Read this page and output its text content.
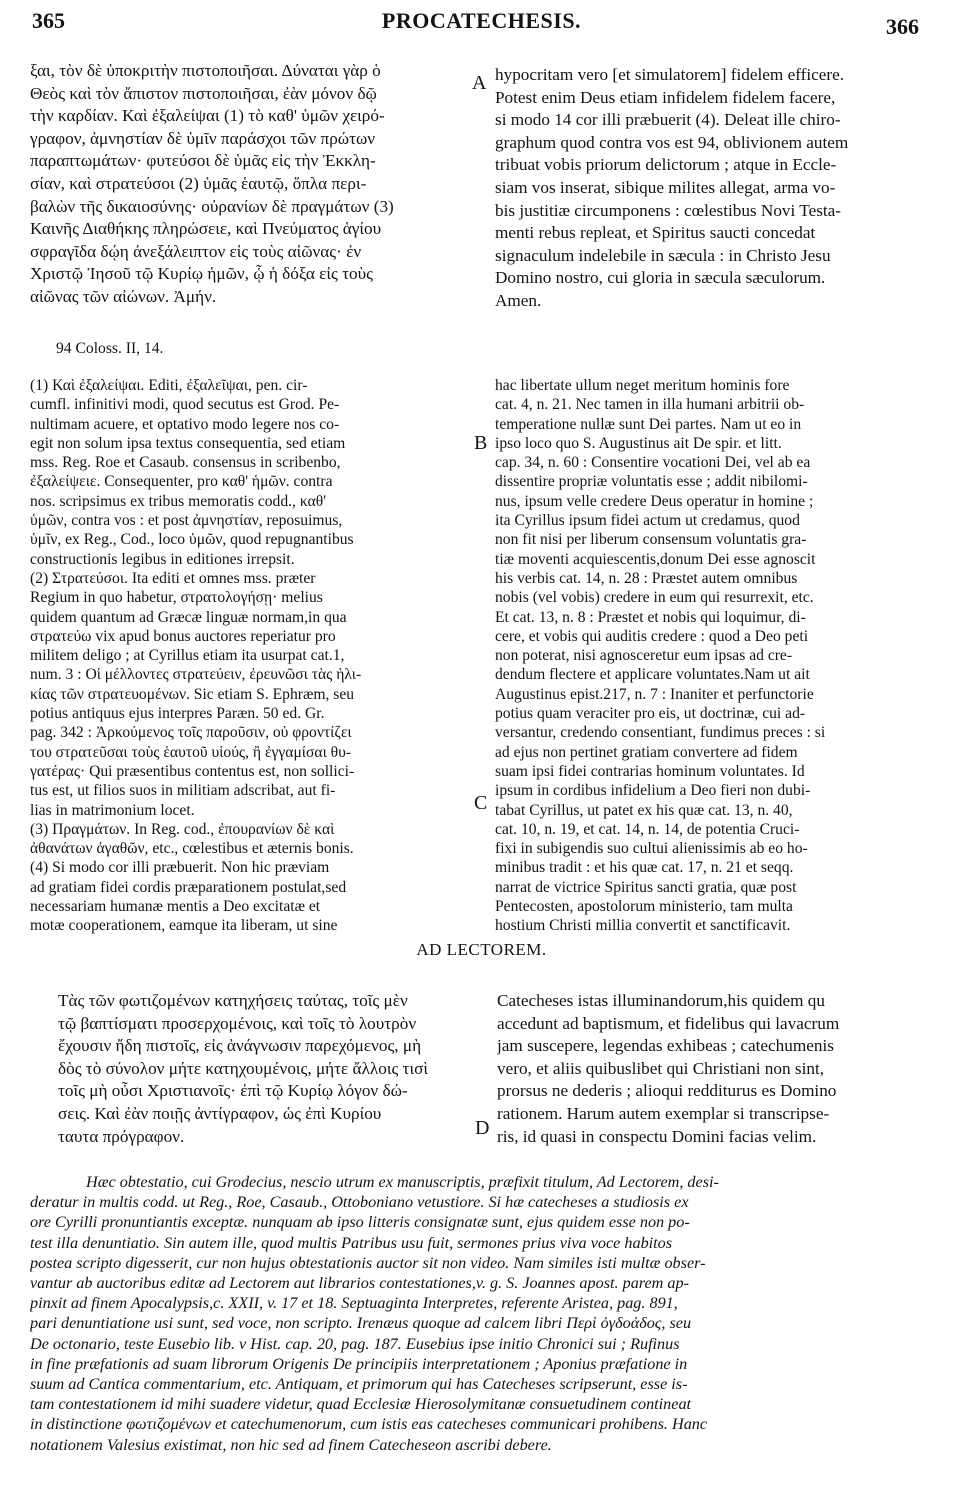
365	PROCATECHESIS.	366
A
B
C
D
ξαι, τὸν δὲ ὑποκριτὴν πιστοποιῆσαι. Δύναται γὰρ ὁ
Θεὸς καὶ τὸν ἄπιστον πιστοποιῆσαι, ἐὰν μόνον δῷ
τὴν καρδίαν. Καὶ ἐξαλείψαι (1) τὸ καθ' ὑμῶν χειρό-
γραφον, ἀμνηστίαν δὲ ὑμῖν παράσχοι τῶν πρώτων
παραπτωμάτων· φυτεύσοι δὲ ὑμᾶς εἰς τὴν Ἐκκλη-
σίαν, καὶ στρατεύσοι (2) ὑμᾶς ἑαυτῷ, ὅπλα περι-
βαλὼν τῆς δικαιοσύνης· οὐρανίων δὲ πραγμάτων (3)
Καινῆς Διαθήκης πληρώσειε, καὶ Πνεύματος ἁγίου
σφραγῖδα δῴη ἀνεξάλειπτον εἰς τοὺς αἰῶνας· ἐν
Χριστῷ Ἰησοῦ τῷ Κυρίῳ ἡμῶν, ᾧ ἡ δόξα εἰς τοὺς
αἰῶνας τῶν αἰώνων. Ἀμήν.
hypocritam vero [et simulatorem] fidelem efficere.
Potest enim Deus etiam infidelem fidelem facere,
si modo 14 cor illi præbuerit (4). Deleat ille chiro-
graphum quod contra vos est 94, oblivionem autem
tribuat vobis priorum delictorum ; atque in Eccle-
siam vos inserat, sibique milites allegat, arma vo-
bis justitiæ circumponens : cœlestibus Novi Testa-
menti rebus repleat, et Spiritus saucti concedat
signaculum indelebile in sæcula : in Christo Jesu
Domino nostro, cui gloria in sæcula sæculorum.
Amen.
94 Coloss. II, 14.
(1) Καὶ ἐξαλείψαι. Editi, ἐξαλεῖψαι, pen. cir-
cumfl. infinitivi modi, quod secutus est Grod. Pe-
nultimam acuere, et optativo modo legere nos co-
egit non solum ipsa textus consequentia, sed etiam
mss. Reg. Roe et Casaub. consensus in scribenbo,
ἐξαλείψειε. Consequenter, pro καθ' ἡμῶν. contra
nos. scripsimus ex tribus memoratis codd., καθ'
ὑμῶν, contra vos : et post ἀμνηστίαν, reposuimus,
ὑμῖν, ex Reg., Cod., loco ὑμῶν, quod repugnantibus
constructionis legibus in editiones irrepsit.
(2) Στρατεύσοι. Ita editi et omnes mss. præter
Regium in quo habetur, στρατολογήσῃ· melius
quidem quantum ad Græcæ linguæ normam,in qua
στρατεύω vix apud bonus auctores reperiatur pro
militem deligo ; at Cyrillus etiam ita usurpat cat.1,
num. 3 : Οἱ μέλλοντες στρατεύειν, ἐρευνῶσι τὰς ἡλι-
κίας τῶν στρατευομένων. Sic etiam S. Ephræm, seu
potius antiquus ejus interpres Paræn. 50 ed. Gr.
pag. 342 : Ἀρκούμενος τοῖς παροῦσιν, οὐ φροντίζει
του στρατεῦσαι τοὺς ἑαυτοῦ υἱούς, ἢ ἐγγαμίσαι θυ-
γατέρας· Qui præsentibus contentus est, non sollici-
tus est, ut filios suos in militiam adscribat, aut fi-
lias in matrimonium locet.
(3) Πραγμάτων. In Reg. cod., ἐπουρανίων δὲ καὶ
ἀθανάτων ἀγαθῶν, etc., cœlestibus et æternis bonis.
(4) Si modo cor illi præbuerit. Non hic præviam
ad gratiam fidei cordis præparationem postulat,sed
necessariam humanæ mentis a Deo excitatæ et
motæ cooperationem, eamque ita liberam, ut sine
hac libertate ullum neget meritum hominis fore
cat. 4, n. 21. Nec tamen in illa humani arbitrii ob-
temperatione nullæ sunt Dei partes. Nam ut eo in
ipso loco quo S. Augustinus ait De spir. et litt.
cap. 34, n. 60 : Consentire vocationi Dei, vel ab ea
dissentire propriæ voluntatis esse ; addit nibilomi-
nus, ipsum velle credere Deus operatur in homine ;
ita Cyrillus ipsum fidei actum ut credamus, quod
non fit nisi per liberum consensum voluntatis gra-
tiæ moventi acquiescentis,donum Dei esse agnoscit
his verbis cat. 14, n. 28 : Præstet autem omnibus
nobis (vel vobis) credere in eum qui resurrexit, etc.
Et cat. 13, n. 8 : Præstet et nobis qui loquimur, di-
cere, et vobis qui auditis credere : quod a Deo peti
non poterat, nisi agnosceretur eum ipsas ad cre-
dendum flectere et applicare voluntates.Nam ut ait
Augustinus epist.217, n. 7 : Inaniter et perfunctorie
potius quam veraciter pro eis, ut doctrinæ, cui ad-
versantur, credendo consentiant, fundimus preces : si
ad ejus non pertinet gratiam convertere ad fidem
suam ipsi fidei contrarias hominum voluntates. Id
ipsum in cordibus infidelium a Deo fieri non dubi-
tabat Cyrillus, ut patet ex his quæ cat. 13, n. 40,
cat. 10, n. 19, et cat. 14, n. 14, de potentia Cruci-
fixi in subigendis suo cultui alienissimis ab eo ho-
minibus tradit : et his quæ cat. 17, n. 21 et seqq.
narrat de victrice Spiritus sancti gratia, quæ post
Pentecosten, apostolorum ministerio, tam multa
hostium Christi millia convertit et sanctificavit.
AD LECTOREM.
Τὰς τῶν φωτιζομένων κατηχήσεις ταύτας, τοῖς μὲν
τῷ βαπτίσματι προσερχομένοις, καὶ τοῖς τὸ λουτρὸν
ἔχουσιν ἤδη πιστοῖς, εἰς ἀνάγνωσιν παρεχόμενος, μὴ
δὸς τὸ σύνολον μήτε κατηχουμένοις, μήτε ἄλλοις τισὶ
τοῖς μὴ οὖσι Χριστιανοῖς· ἐπὶ τῷ Κυρίῳ λόγον δώ-
σεις. Καὶ ἐὰν ποιῇς ἀντίγραφον, ὡς ἐπὶ Κυρίου
ταυτα πρόγραφον.
Catecheses istas illuminandorum,his quidem qu
accedunt ad baptismum, et fidelibus qui lavacrum
jam suscepere, legendas exhibeas ; catechumenis
vero, et aliis quibuslibet qui Christiani non sint,
prorsus ne dederis ; alioqui redditurus es Domino
rationem. Harum autem exemplar si transcripse-
ris, id quasi in conspectu Domini facias velim.
Hæc obtestatio, cui Grodecius, nescio utrum ex manuscriptis, præfixit titulum, Ad Lectorem, desi-
deratur in multis codd. ut Reg., Roe, Casaub., Ottoboniano vetustiore. Si hæ catecheses a studiosis ex
ore Cyrilli pronuntiantis exceptæ. nunquam ab ipso litteris consignatæ sunt, ejus quidem esse non po-
test illa denuntiatio. Sin autem ille, quod multis Patribus usu fuit, sermones prius viva voce habitos
postea scripto digesserit, cur non hujus obtestationis auctor sit non video. Nam similes isti multæ obser-
vantur ab auctoribus editæ ad Lectorem aut librarios contestationes,v. g. S. Joannes apost. parem ap-
pinxit ad finem Apocalypsis,c. XXII, v. 17 et 18. Septuaginta Interpretes, referente Aristea, pag. 891,
pari denuntiatione usi sunt, sed voce, non scripto. Irenæus quoque ad calcem libri Περὶ ὀγδοάδος, seu
De octonario, teste Eusebio lib. v Hist. cap. 20, pag. 187. Eusebius ipse initio Chronici sui ; Rufinus
in fine præfationis ad suam librorum Origenis De principiis interpretationem ; Aponius præfatione in
suum ad Cantica commentarium, etc. Antiquam, et primorum qui has Catecheses scripserunt, esse is-
tam contestationem id mihi suadere videtur, quad Ecclesiæ Hierosolymitanæ consuetudinem contineat
in distinctione φωτιζομένων et catechumenorum, cum istis eas catecheses communicari prohibens. Hanc
notationem Valesius existimat, non hic sed ad finem Catecheseon ascribi debere.
